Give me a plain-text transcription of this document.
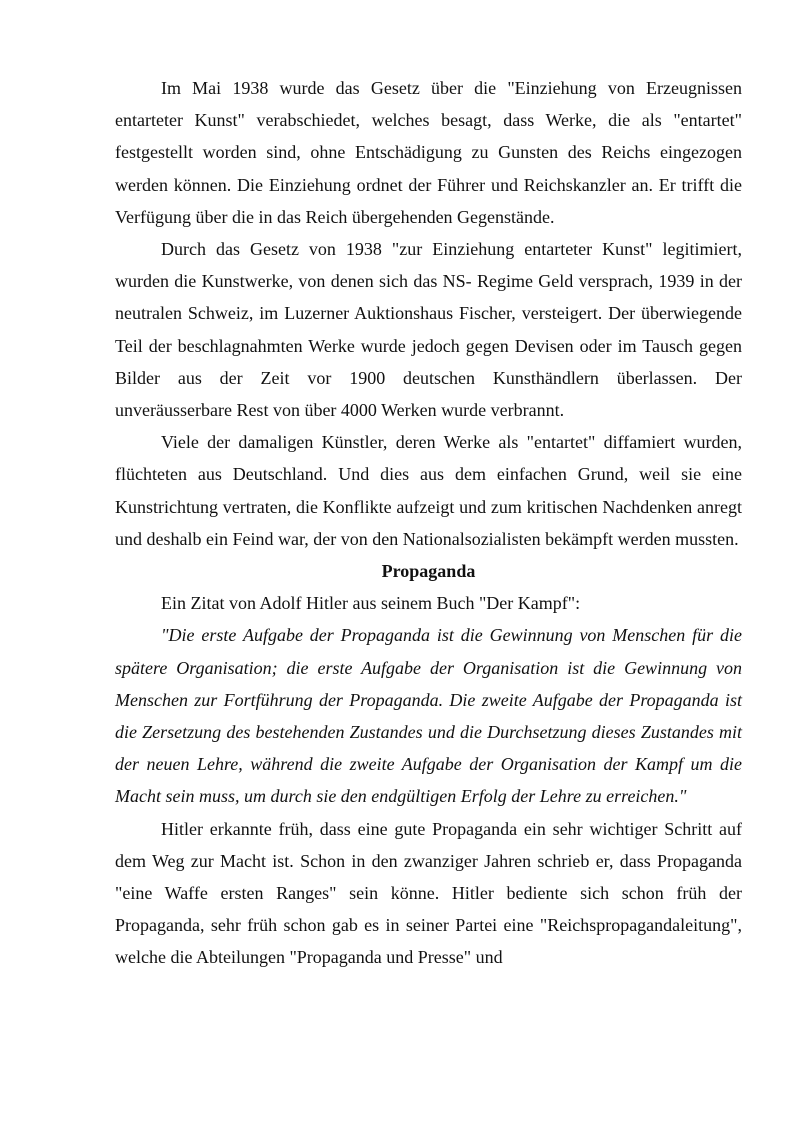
Im Mai 1938 wurde das Gesetz über die "Einziehung von Erzeugnissen entarteter Kunst" verabschiedet, welches besagt, dass Werke, die als "entartet" festgestellt worden sind, ohne Entschädigung zu Gunsten des Reichs eingezogen werden können. Die Einziehung ordnet der Führer und Reichskanzler an. Er trifft die Verfügung über die in das Reich übergehenden Gegenstände.

Durch das Gesetz von 1938 "zur Einziehung entarteter Kunst" legitimiert, wurden die Kunstwerke, von denen sich das NS- Regime Geld versprach, 1939 in der neutralen Schweiz, im Luzerner Auktionshaus Fischer, versteigert. Der überwiegende Teil der beschlagnahmten Werke wurde jedoch gegen Devisen oder im Tausch gegen Bilder aus der Zeit vor 1900 deutschen Kunsthändlern überlassen. Der unveräusserbare Rest von über 4000 Werken wurde verbrannt.

Viele der damaligen Künstler, deren Werke als "entartet" diffamiert wurden, flüchteten aus Deutschland. Und dies aus dem einfachen Grund, weil sie eine Kunstrichtung vertraten, die Konflikte aufzeigt und zum kritischen Nachdenken anregt und deshalb ein Feind war, der von den Nationalsozialisten bekämpft werden mussten.

Propaganda

Ein Zitat von Adolf Hitler aus seinem Buch "Der Kampf":

"Die erste Aufgabe der Propaganda ist die Gewinnung von Menschen für die spätere Organisation; die erste Aufgabe der Organisation ist die Gewinnung von Menschen zur Fortführung der Propaganda. Die zweite Aufgabe der Propaganda ist die Zersetzung des bestehenden Zustandes und die Durchsetzung dieses Zustandes mit der neuen Lehre, während die zweite Aufgabe der Organisation der Kampf um die Macht sein muss, um durch sie den endgültigen Erfolg der Lehre zu erreichen."

Hitler erkannte früh, dass eine gute Propaganda ein sehr wichtiger Schritt auf dem Weg zur Macht ist. Schon in den zwanziger Jahren schrieb er, dass Propaganda "eine Waffe ersten Ranges" sein könne. Hitler bediente sich schon früh der Propaganda, sehr früh schon gab es in seiner Partei eine "Reichspropagandaleitung", welche die Abteilungen "Propaganda und Presse" und
